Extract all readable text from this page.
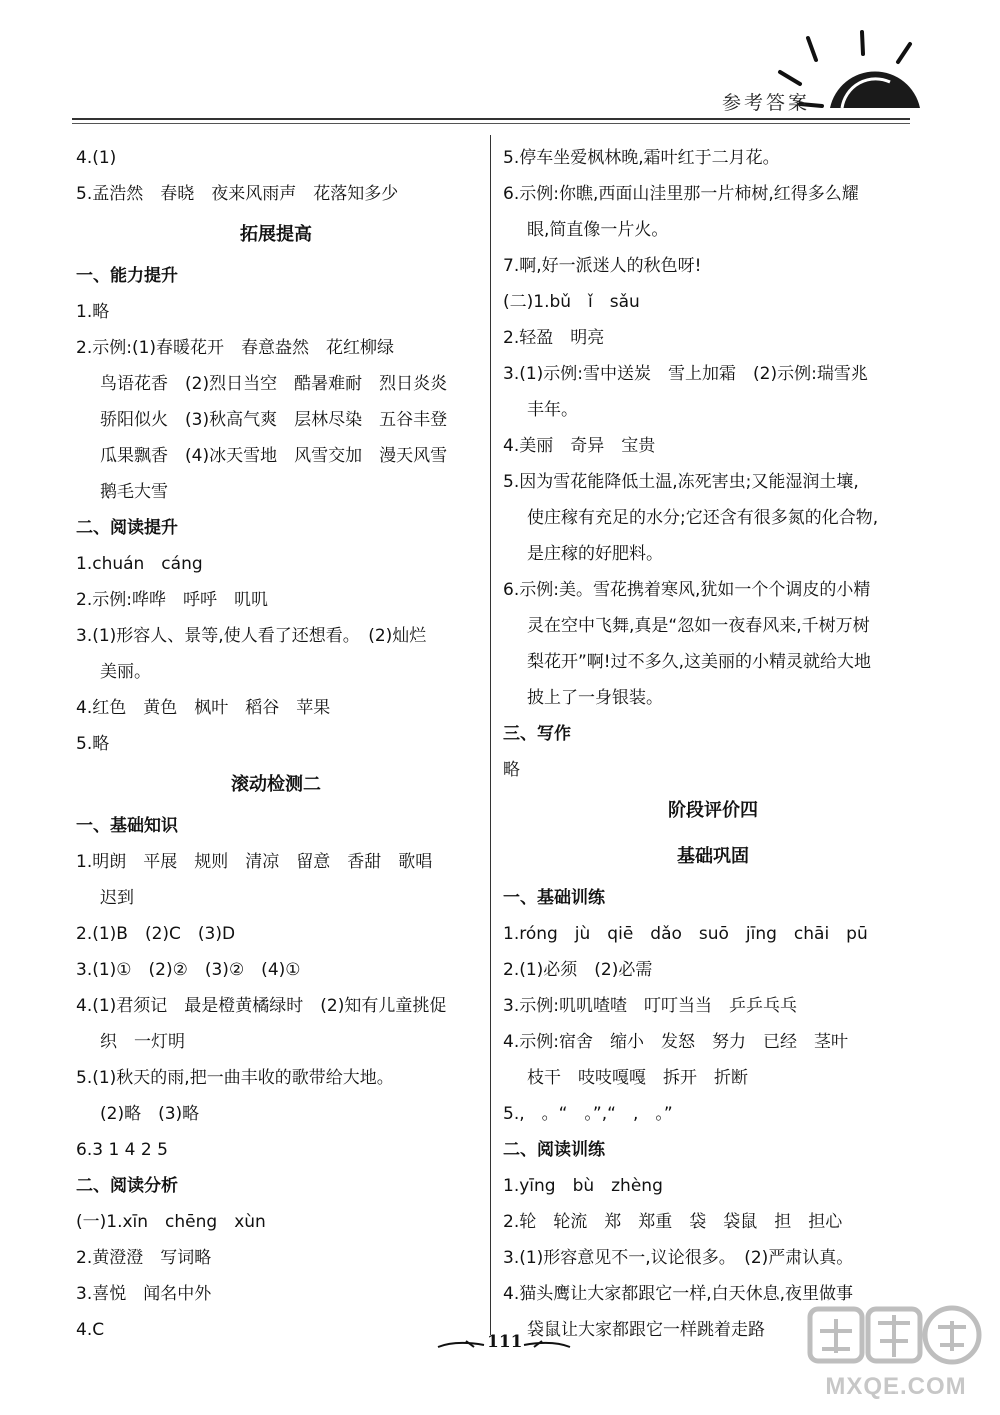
参考答案
4.(1)
5.孟浩然　春晓　夜来风雨声　花落知多少
拓展提高
一、能力提升
1.略
2.示例:(1)春暖花开　春意盎然　花红柳绿
鸟语花香　(2)烈日当空　酷暑难耐　烈日炎炎
骄阳似火　(3)秋高气爽　层林尽染　五谷丰登
瓜果飘香　(4)冰天雪地　风雪交加　漫天风雪
鹅毛大雪
二、阅读提升
1.chuán　cáng
2.示例:哗哗　呼呼　叽叽
3.(1)形容人、景等,使人看了还想看。　(2)灿烂
美丽。
4.红色　黄色　枫叶　稻谷　苹果
5.略
滚动检测二
一、基础知识
1.明朗　平展　规则　清凉　留意　香甜　歌唱
迟到
2.(1)B　(2)C　(3)D
3.(1)①　(2)②　(3)②　(4)①
4.(1)君须记　最是橙黄橘绿时　(2)知有儿童挑促
织　一灯明
5.(1)秋天的雨,把一曲丰收的歌带给大地。
(2)略　(3)略
6.3 1 4 2 5
二、阅读分析
(一)1.xīn　chēng　xùn
2.黄澄澄　写词略
3.喜悦　闻名中外
4.C
5.停车坐爱枫林晚,霜叶红于二月花。
6.示例:你瞧,西面山洼里那一片柿树,红得多么耀
眼,简直像一片火。
7.啊,好一派迷人的秋色呀!
(二)1.bǔ　ǐ　sǎu
2.轻盈　明亮
3.(1)示例:雪中送炭　雪上加霜　(2)示例:瑞雪兆
丰年。
4.美丽　奇异　宝贵
5.因为雪花能降低土温,冻死害虫;又能湿润土壤,
使庄稼有充足的水分;它还含有很多氮的化合物,
是庄稼的好肥料。
6.示例:美。雪花携着寒风,犹如一个个调皮的小精
灵在空中飞舞,真是“忽如一夜春风来,千树万树
梨花开”啊!过不多久,这美丽的小精灵就给大地
披上了一身银装。
三、写作
略
阶段评价四
基础巩固
一、基础训练
1.róng　jù　qiē　dǎo　suō　jīng　chāi　pū
2.(1)必须　(2)必需
3.示例:叽叽喳喳　叮叮当当　乒乒乓乓
4.示例:宿舍　缩小　发怒　努力　已经　茎叶
枝干　吱吱嘎嘎　拆开　折断
5.,　。“　。”,“　,　。”
二、阅读训练
1.yīng　bù　zhèng
2.轮　轮流　郑　郑重　袋　袋鼠　担　担心
3.(1)形容意见不一,议论很多。　(2)严肃认真。
4.猫头鹰让大家都跟它一样,白天休息,夜里做事
袋鼠让大家都跟它一样跳着走路
111
MXQE.COM
